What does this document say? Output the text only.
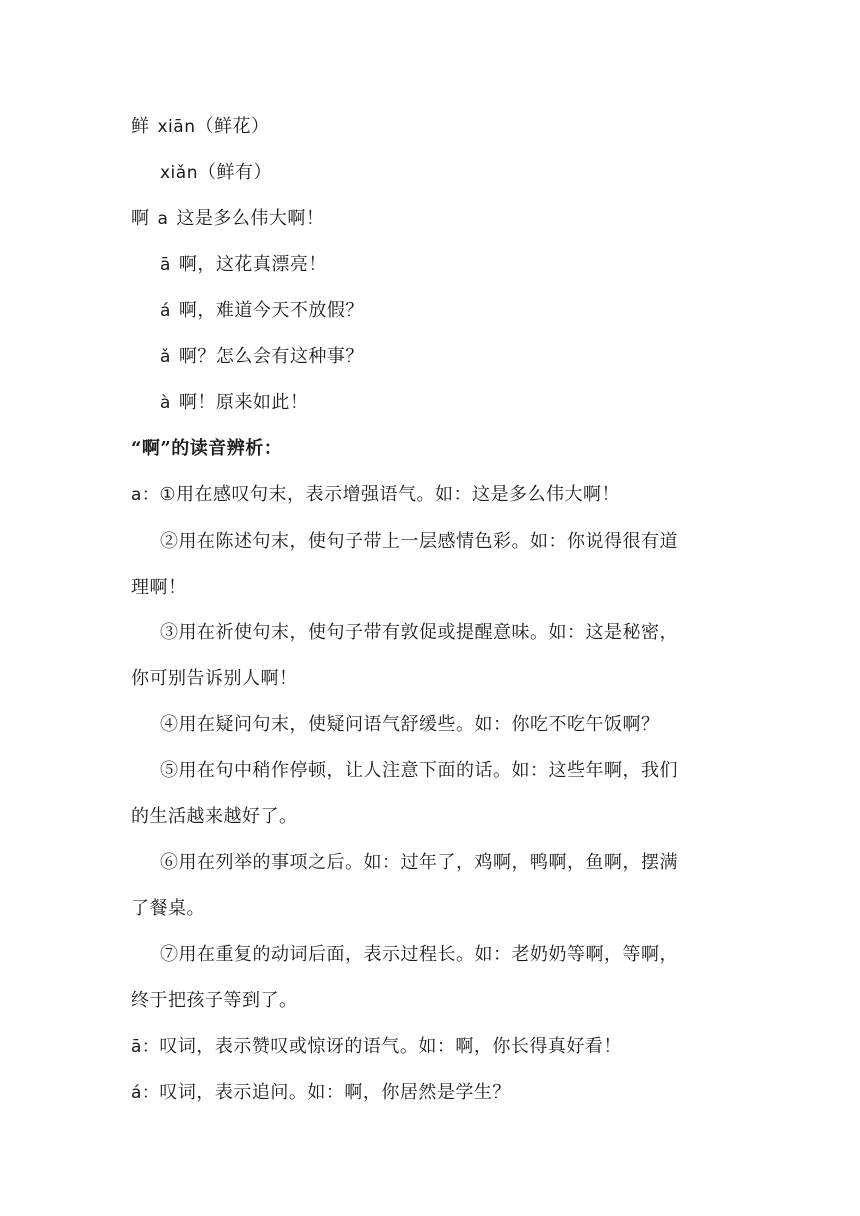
鲜 xiān（鲜花）
xiǎn（鲜有）
啊 a 这是多么伟大啊！
ā 啊，这花真漂亮！
á 啊，难道今天不放假？
ǎ 啊？怎么会有这种事？
à 啊！原来如此！
“啊”的读音辨析：
a：①用在感叹句末，表示增强语气。如：这是多么伟大啊！
②用在陈述句末，使句子带上一层感情色彩。如：你说得很有道
理啊！
③用在祈使句末，使句子带有敦促或提醒意味。如：这是秘密，
你可别告诉别人啊！
④用在疑问句末，使疑问语气舒缓些。如：你吃不吃午饭啊？
⑤用在句中稍作停顿，让人注意下面的话。如：这些年啊，我们
的生活越来越好了。
⑥用在列举的事项之后。如：过年了，鸡啊，鸭啊，鱼啊，摆满
了餐桌。
⑦用在重复的动词后面，表示过程长。如：老奶奶等啊，等啊，
终于把孩子等到了。
ā：叹词，表示赞叹或惊讶的语气。如：啊，你长得真好看！
á：叹词，表示追问。如：啊，你居然是学生？
